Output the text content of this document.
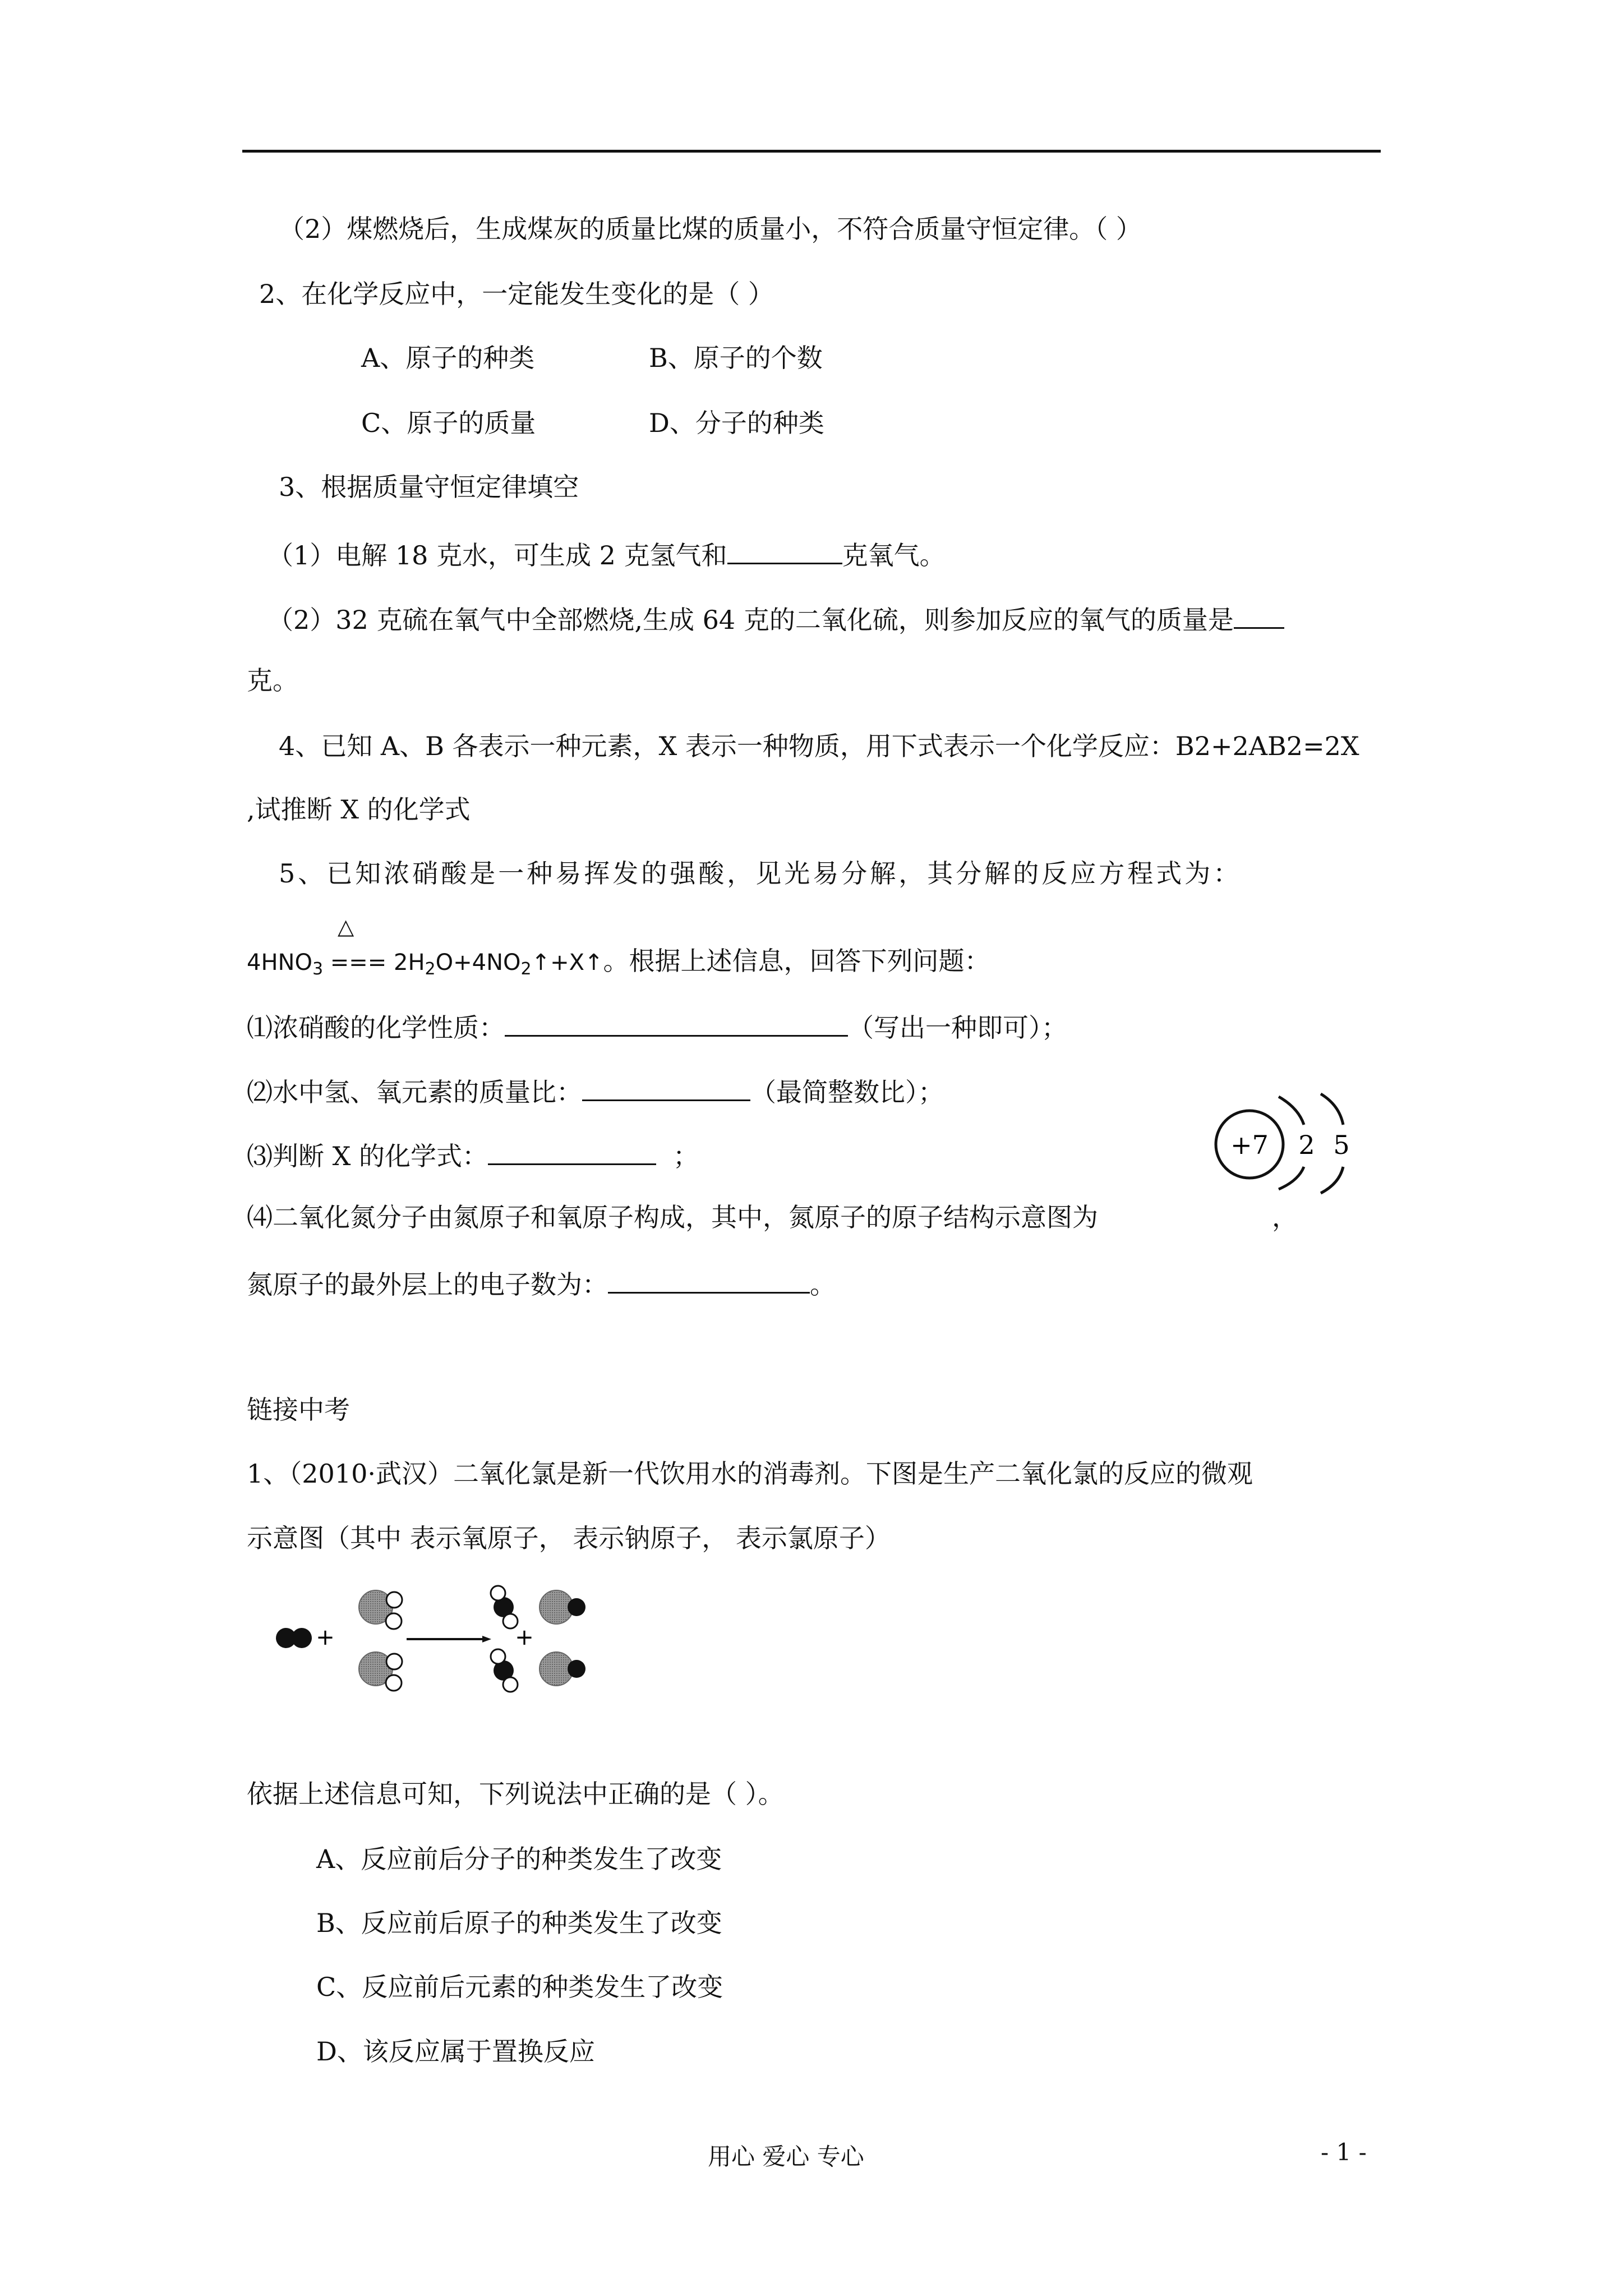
（2）煤燃烧后，生成煤灰的质量比煤的质量小，不符合质量守恒定律。（ ）
2、在化学反应中，一定能发生变化的是（ ）
A、原子的种类	B、原子的个数
C、原子的质量	D、分子的种类
3、根据质量守恒定律填空
（1）电解 18 克水，可生成 2 克氢气和	克氧气。
（2）32 克硫在氧气中全部燃烧,生成 64 克的二氧化硫，则参加反应的氧气的质量是
克。
4、已知 A、B 各表示一种元素，X 表示一种物质，用下式表示一个化学反应：B2+2AB2=2X
,试推断 X 的化学式
5、已知浓硝酸是一种易挥发的强酸，见光易分解，其分解的反应方程式为：
△
$4HNO_3$ === $2H_2O+4NO_2↑+X↑$。根据上述信息，回答下列问题：
⑴浓硝酸的化学性质：	（写出一种即可）；
⑵水中氢、氧元素的质量比：	（最简整数比）；
⑶判断 X 的化学式：	；	+7 2 5
⑷二氧化氮分子由氮原子和氧原子构成，其中，氮原子的原子结构示意图为	，
氮原子的最外层上的电子数为：	。
链接中考
1、（2010·武汉）二氧化氯是新一代饮用水的消毒剂。下图是生产二氧化氯的反应的微观
示意图（其中 表示氧原子， 表示钠原子， 表示氯原子）
+	+
依据上述信息可知，下列说法中正确的是（ ）。
A、反应前后分子的种类发生了改变
B、反应前后原子的种类发生了改变
C、反应前后元素的种类发生了改变
D、该反应属于置换反应
用心 爱心 专心	- 1 -
